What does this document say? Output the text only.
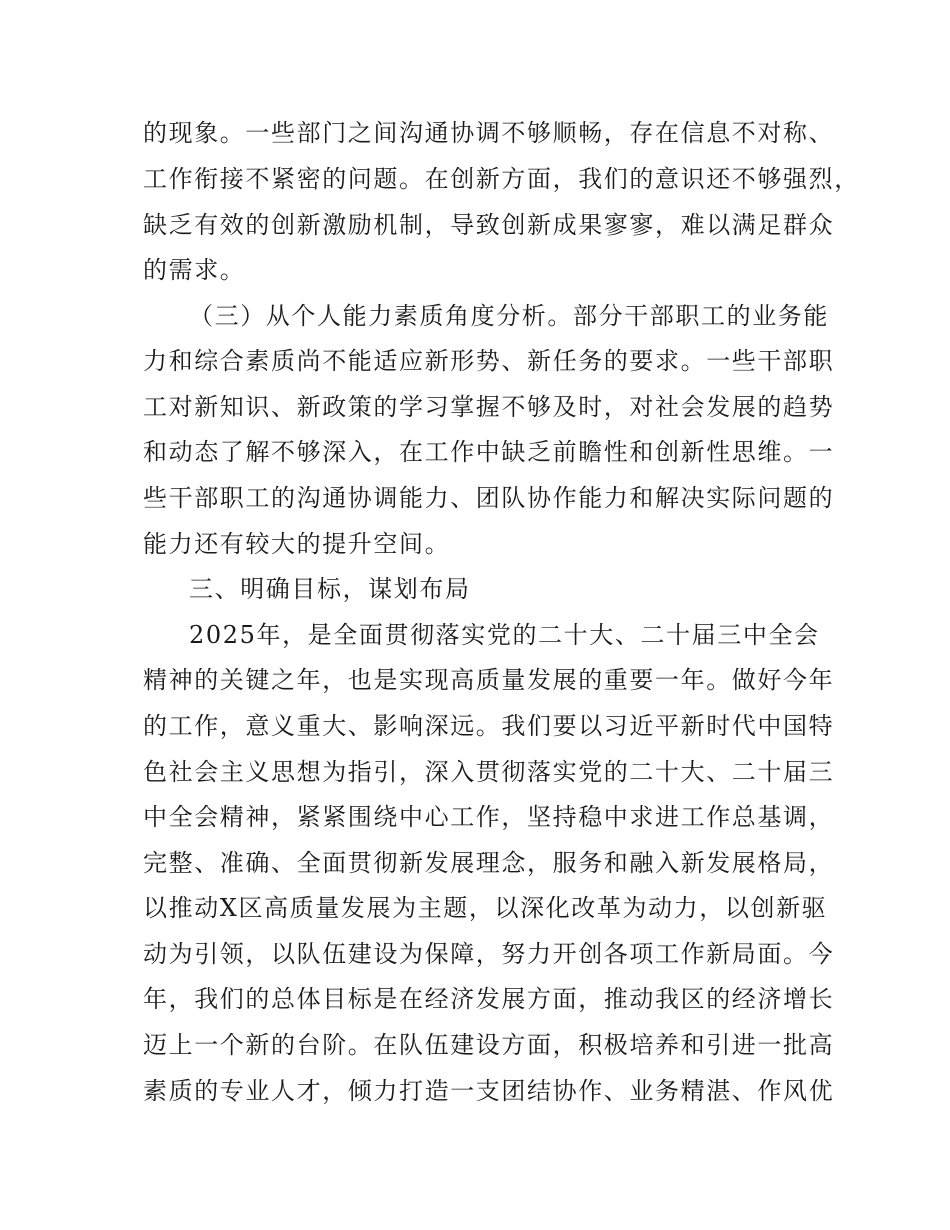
的现象。一些部门之间沟通协调不够顺畅，存在信息不对称、
工作衔接不紧密的问题。在创新方面，我们的意识还不够强烈，
缺乏有效的创新激励机制，导致创新成果寥寥，难以满足群众
的需求。
（三）从个人能力素质角度分析。部分干部职工的业务能
力和综合素质尚不能适应新形势、新任务的要求。一些干部职
工对新知识、新政策的学习掌握不够及时，对社会发展的趋势
和动态了解不够深入，在工作中缺乏前瞻性和创新性思维。一
些干部职工的沟通协调能力、团队协作能力和解决实际问题的
能力还有较大的提升空间。
三、明确目标，谋划布局
2025年，是全面贯彻落实党的二十大、二十届三中全会
精神的关键之年，也是实现高质量发展的重要一年。做好今年
的工作，意义重大、影响深远。我们要以习近平新时代中国特
色社会主义思想为指引，深入贯彻落实党的二十大、二十届三
中全会精神，紧紧围绕中心工作，坚持稳中求进工作总基调，
完整、准确、全面贯彻新发展理念，服务和融入新发展格局，
以推动X区高质量发展为主题，以深化改革为动力，以创新驱
动为引领，以队伍建设为保障，努力开创各项工作新局面。今
年，我们的总体目标是在经济发展方面，推动我区的经济增长
迈上一个新的台阶。在队伍建设方面，积极培养和引进一批高
素质的专业人才，倾力打造一支团结协作、业务精湛、作风优
